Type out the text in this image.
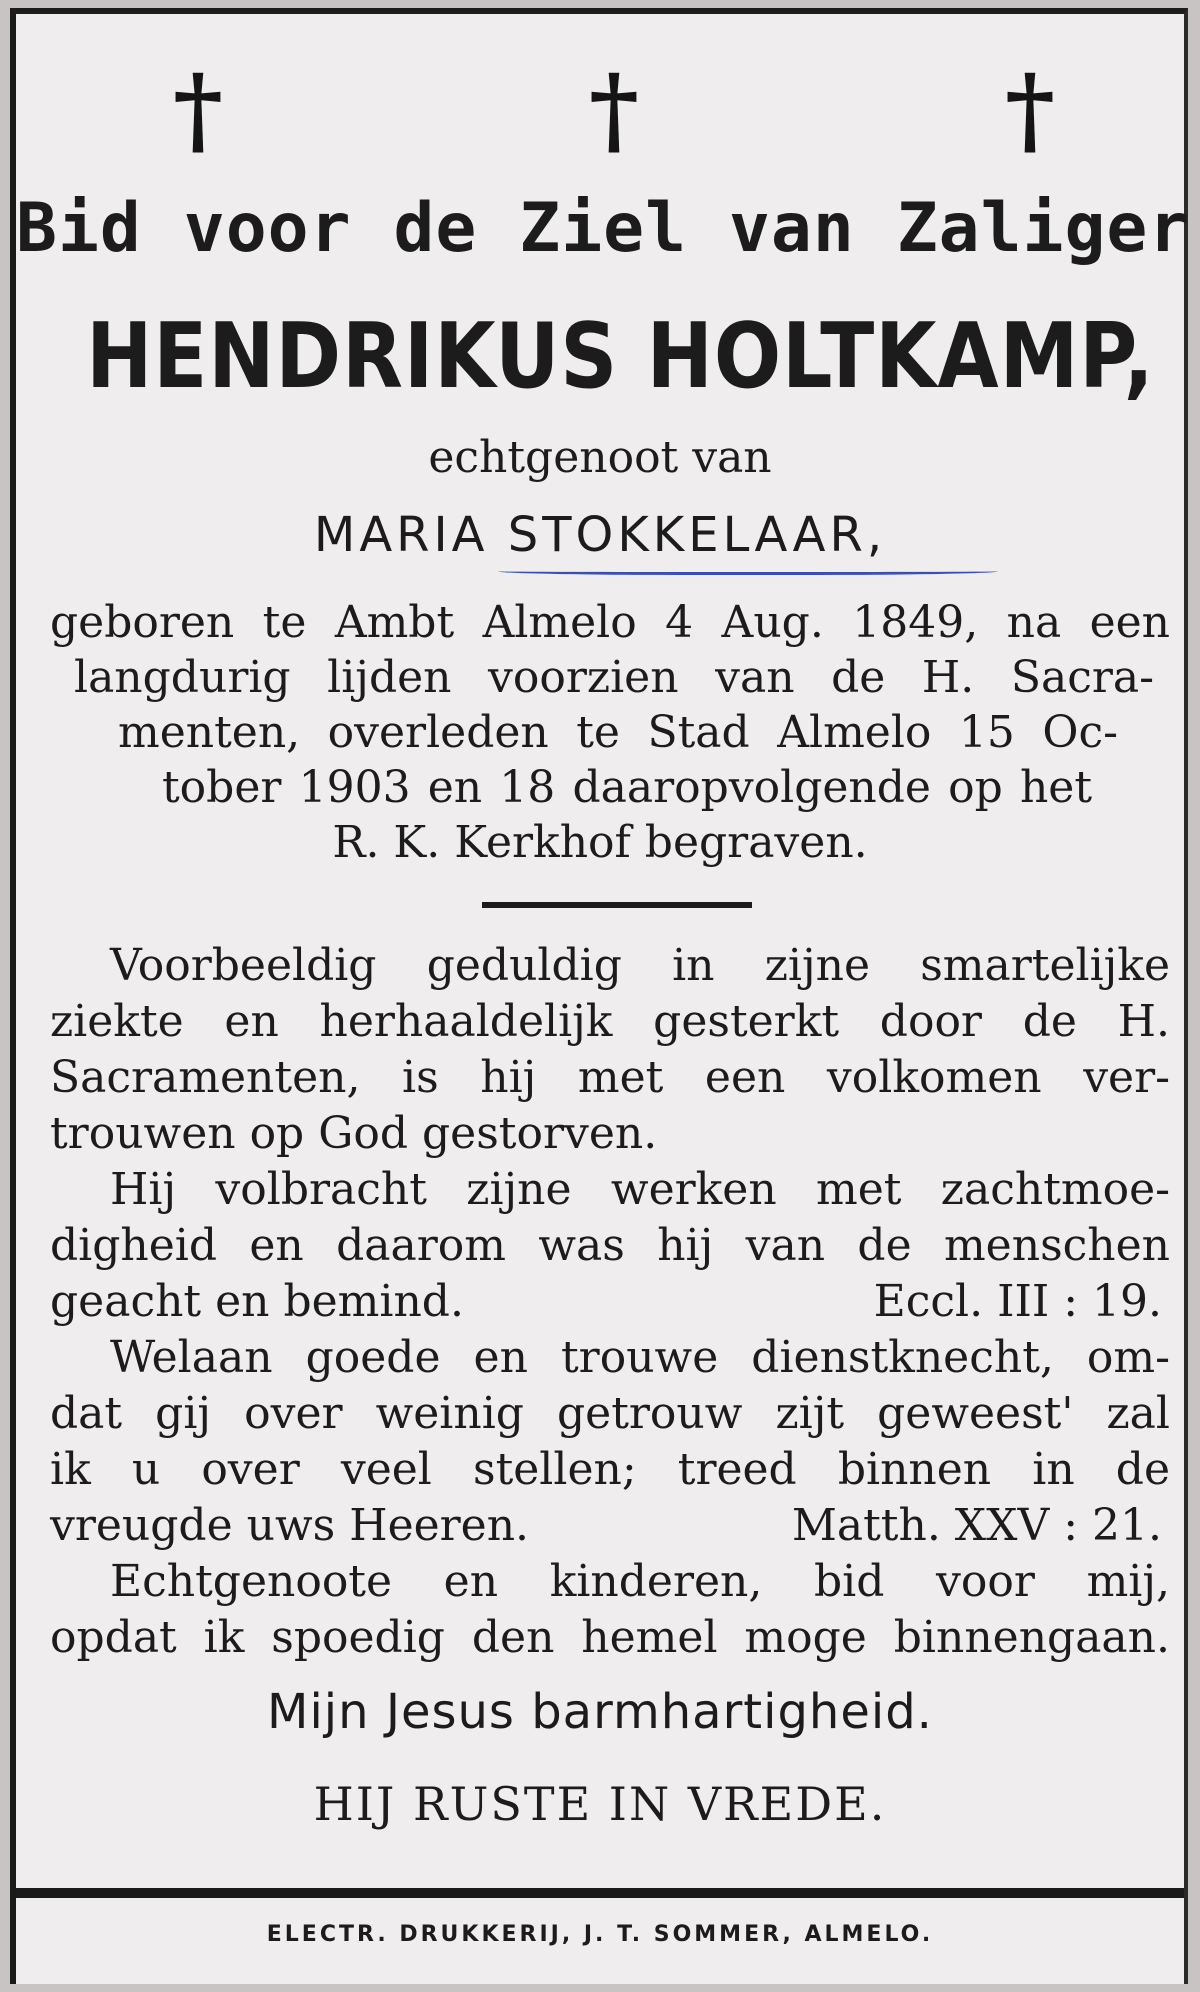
†	†	†
Bid voor de Ziel van Zaliger
HENDRIKUS HOLTKAMP,
echtgenoot van
MARIA STOKKELAAR,
geboren te Ambt Almelo 4 Aug. 1849, na een
langdurig lijden voorzien van de H. Sacra-
menten, overleden te Stad Almelo 15 Oc-
tober 1903 en 18 daaropvolgende op het
R. K. Kerkhof begraven.
Voorbeeldig geduldig in zijne smartelijke
ziekte en herhaaldelijk gesterkt door de H.
Sacramenten, is hij met een volkomen ver-
trouwen op God gestorven.
Hij volbracht zijne werken met zachtmoe-
digheid en daarom was hij van de menschen
geacht en bemind.	Eccl. III : 19.
Welaan goede en trouwe dienstknecht, om-
dat gij over weinig getrouw zijt geweest' zal
ik u over veel stellen; treed binnen in de
vreugde uws Heeren.	Matth. XXV : 21.
Echtgenoote en kinderen, bid voor mij,
opdat ik spoedig den hemel moge binnengaan.
Mijn Jesus barmhartigheid.
HIJ RUSTE IN VREDE.
ELECTR. DRUKKERIJ, J. T. SOMMER, ALMELO.
